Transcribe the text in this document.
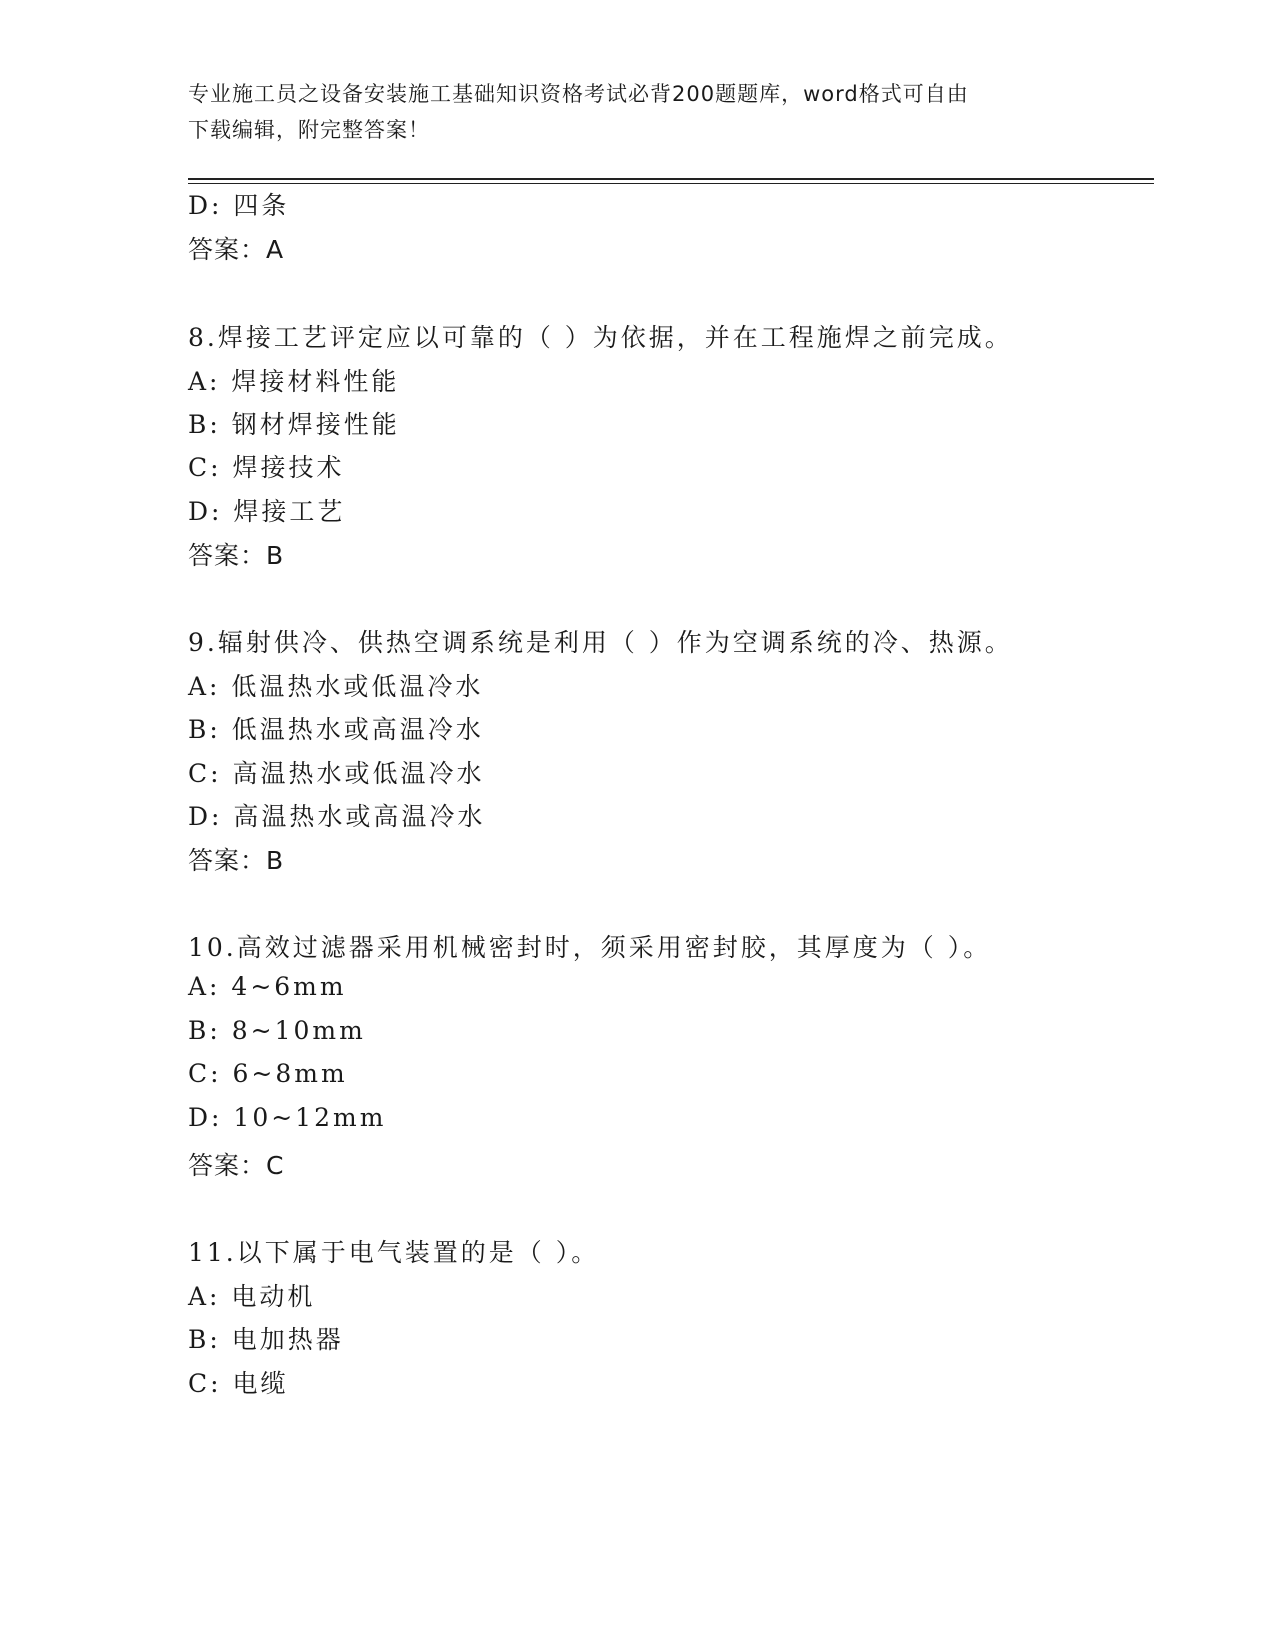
专业施工员之设备安装施工基础知识资格考试必背200题题库，word格式可自由
下载编辑，附完整答案！
D: 四条
答案：A
8.焊接工艺评定应以可靠的（ ）为依据，并在工程施焊之前完成。
A: 焊接材料性能
B: 钢材焊接性能
C: 焊接技术
D: 焊接工艺
答案：B
9.辐射供冷、供热空调系统是利用（ ）作为空调系统的冷、热源。
A: 低温热水或低温冷水
B: 低温热水或高温冷水
C: 高温热水或低温冷水
D: 高温热水或高温冷水
答案：B
10.高效过滤器采用机械密封时，须采用密封胶，其厚度为（ ）。
A: 4~6mm
B: 8~10mm
C: 6~8mm
D: 10~12mm
答案：C
11.以下属于电气装置的是（ ）。
A: 电动机
B: 电加热器
C: 电缆
